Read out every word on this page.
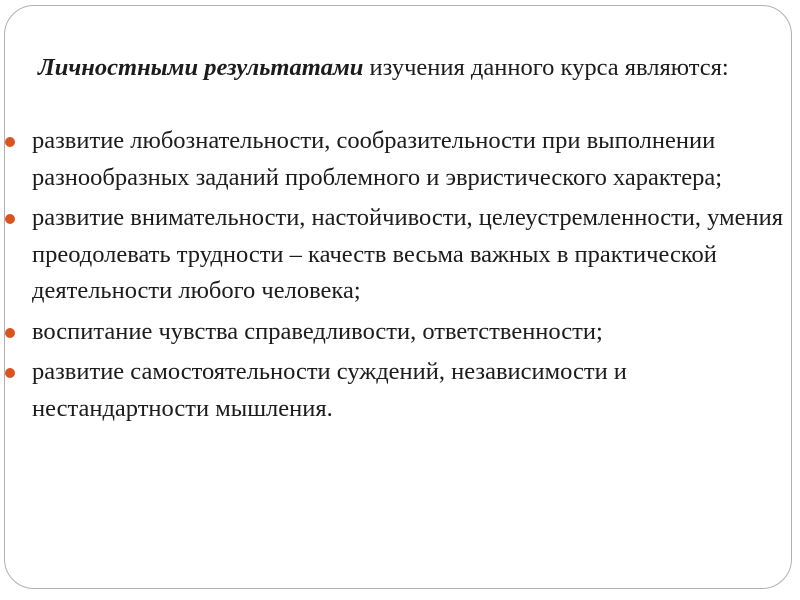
Личностными результатами изучения данного курса являются:

развитие любознательности, сообразительности при выполнении разнообразных заданий проблемного и эвристического характера;
развитие внимательности, настойчивости, целеустремленности, умения преодолевать трудности – качеств весьма важных в практической деятельности любого человека;
воспитание чувства справедливости, ответственности;
развитие самостоятельности суждений, независимости и нестандартности мышления.
